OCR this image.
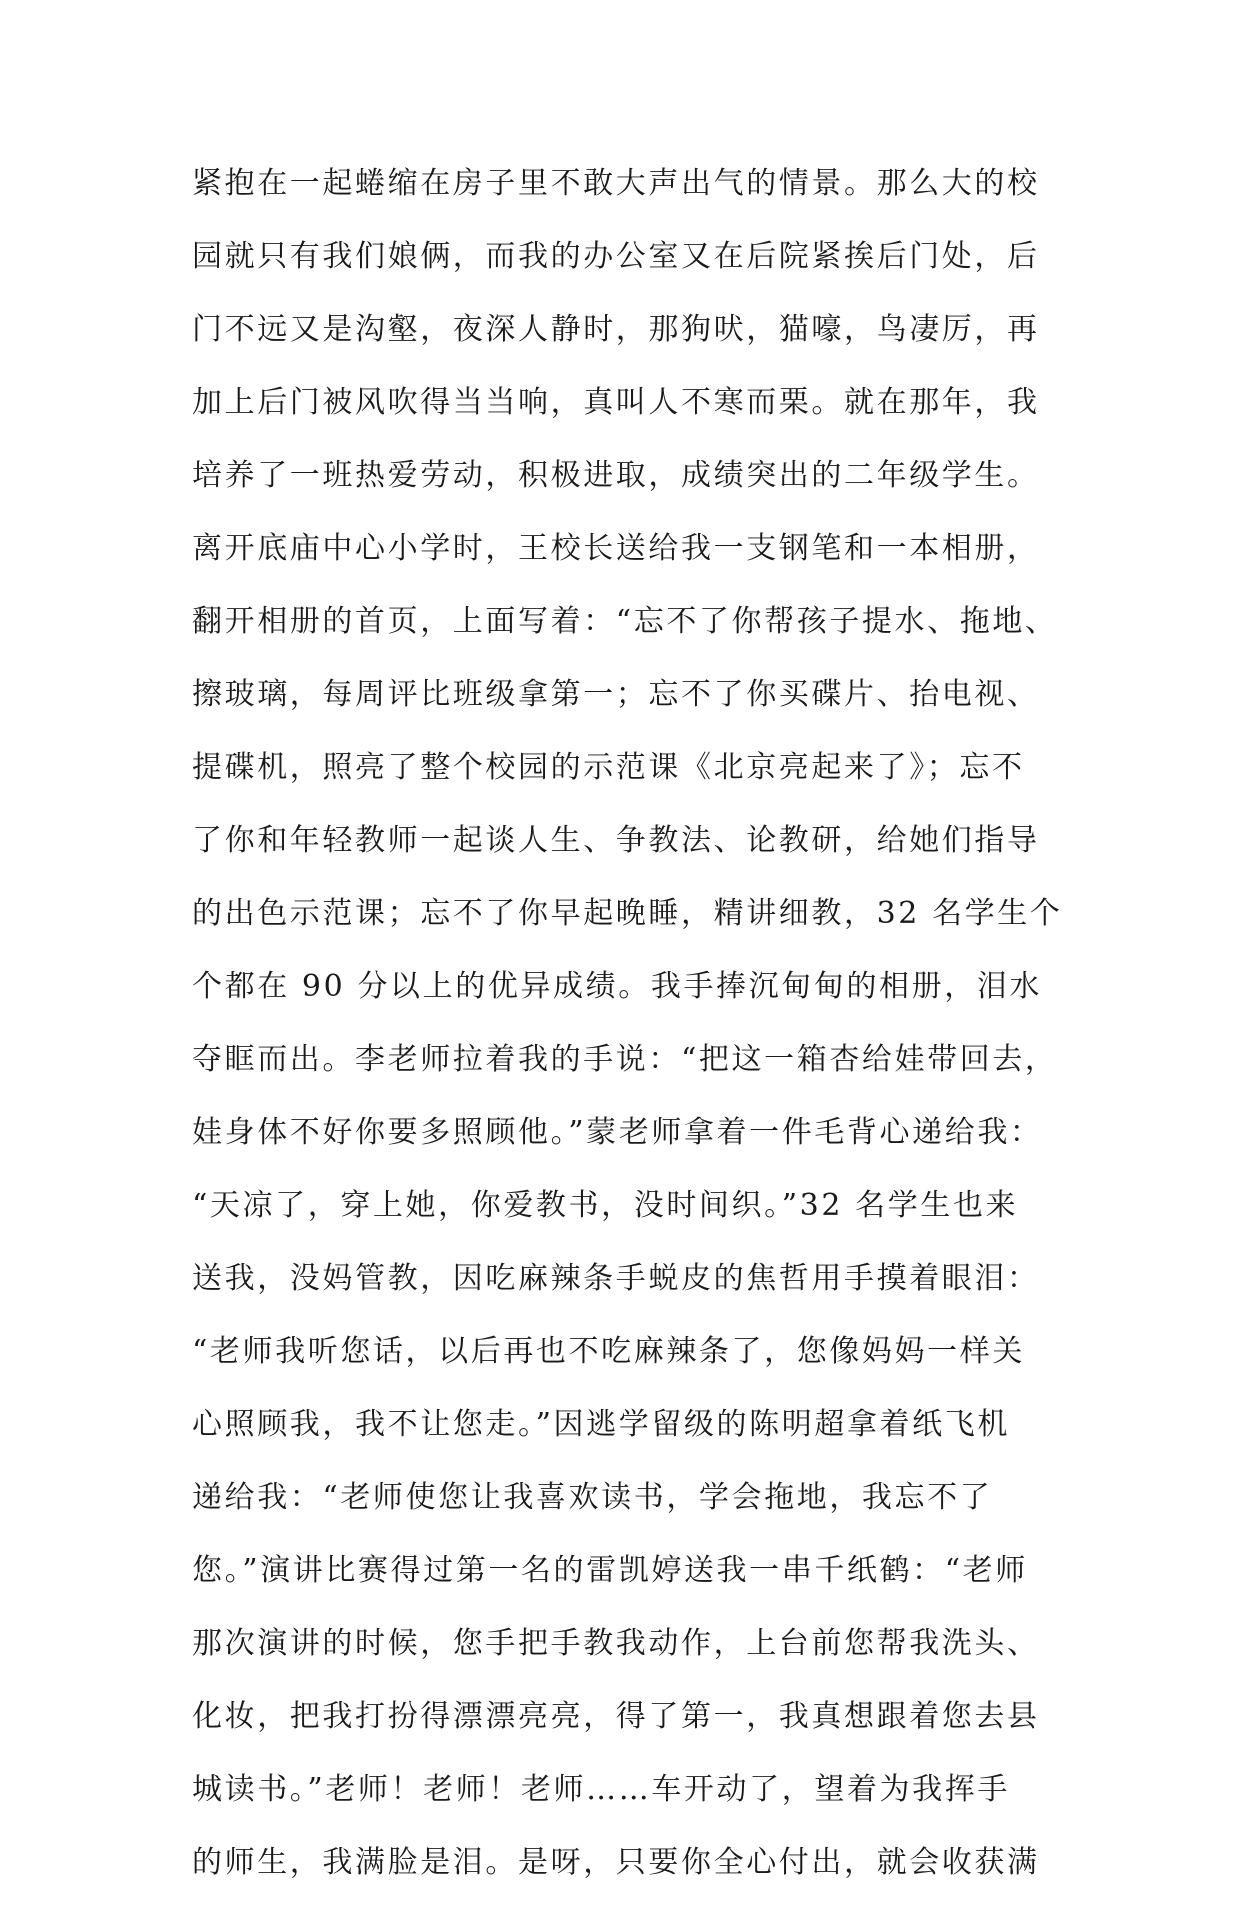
紧抱在一起蜷缩在房子里不敢大声出气的情景。那么大的校
园就只有我们娘俩，而我的办公室又在后院紧挨后门处，后
门不远又是沟壑，夜深人静时，那狗吠，猫嚎，鸟凄厉，再
加上后门被风吹得当当响，真叫人不寒而栗。就在那年，我
培养了一班热爱劳动，积极进取，成绩突出的二年级学生。
离开底庙中心小学时，王校长送给我一支钢笔和一本相册，
翻开相册的首页，上面写着：“忘不了你帮孩子提水、拖地、
擦玻璃，每周评比班级拿第一；忘不了你买碟片、抬电视、
提碟机，照亮了整个校园的示范课《北京亮起来了》；忘不
了你和年轻教师一起谈人生、争教法、论教研，给她们指导
的出色示范课；忘不了你早起晚睡，精讲细教，32 名学生个
个都在 90 分以上的优异成绩。我手捧沉甸甸的相册，泪水
夺眶而出。李老师拉着我的手说：“把这一箱杏给娃带回去，
娃身体不好你要多照顾他。”蒙老师拿着一件毛背心递给我：
“天凉了，穿上她，你爱教书，没时间织。”32 名学生也来
送我，没妈管教，因吃麻辣条手蜕皮的焦哲用手摸着眼泪：
“老师我听您话，以后再也不吃麻辣条了，您像妈妈一样关
心照顾我，我不让您走。”因逃学留级的陈明超拿着纸飞机
递给我：“老师使您让我喜欢读书，学会拖地，我忘不了
您。”演讲比赛得过第一名的雷凯婷送我一串千纸鹤：“老师
那次演讲的时候，您手把手教我动作，上台前您帮我洗头、
化妆，把我打扮得漂漂亮亮，得了第一，我真想跟着您去县
城读书。”老师！老师！老师……车开动了，望着为我挥手
的师生，我满脸是泪。是呀，只要你全心付出，就会收获满
